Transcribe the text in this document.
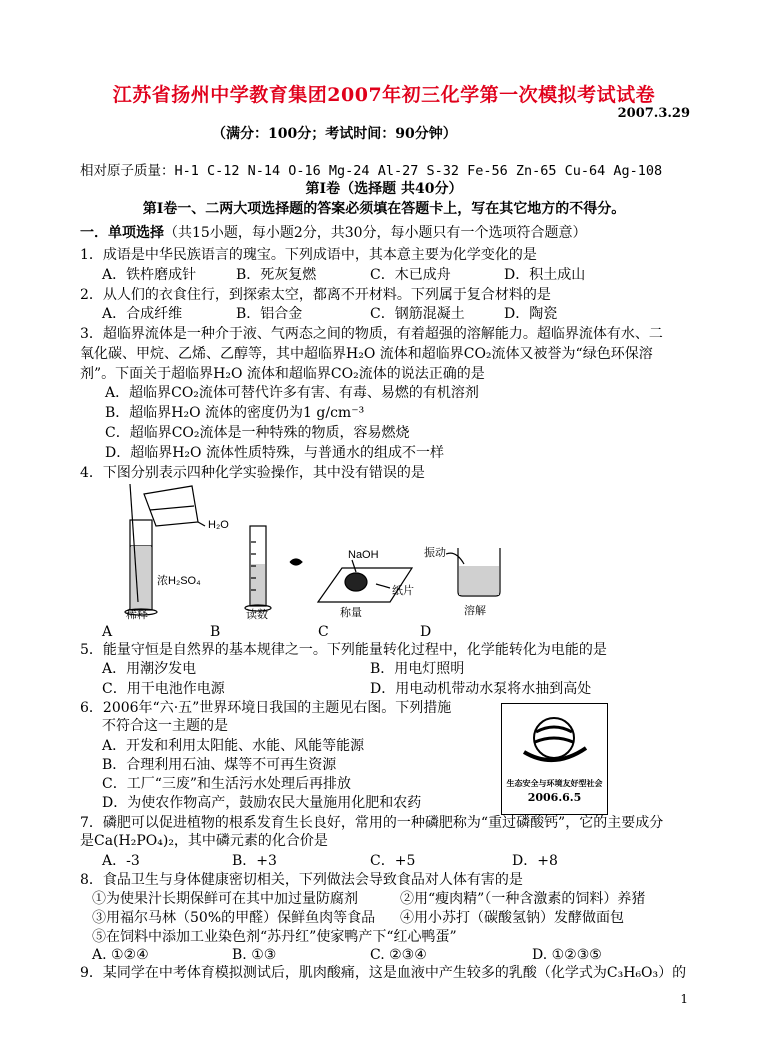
江苏省扬州中学教育集团2007年初三化学第一次模拟考试试卷
2007.3.29
（满分：100分；考试时间：90分钟）
相对原子质量：H-1 C-12 N-14 O-16 Mg-24 Al-27 S-32 Fe-56 Zn-65 Cu-64 Ag-108
第Ⅰ卷（选择题 共40分）
第Ⅰ卷一、二两大项选择题的答案必须填在答题卡上，写在其它地方的不得分。
一．单项选择（共15小题，每小题2分，共30分，每小题只有一个选项符合题意）
1．成语是中华民族语言的瑰宝。下列成语中，其本意主要为化学变化的是
A．铁杵磨成针	B．死灰复燃	C．木已成舟	D．积土成山
2．从人们的衣食住行，到探索太空，都离不开材料。下列属于复合材料的是
A．合成纤维	B．铝合金	C．钢筋混凝土	D．陶瓷
3．超临界流体是一种介于液、气两态之间的物质，有着超强的溶解能力。超临界流体有水、二
氧化碳、甲烷、乙烯、乙醇等，其中超临界H₂O 流体和超临界CO₂流体又被誉为“绿色环保溶
剂”。下面关于超临界H₂O 流体和超临界CO₂流体的说法正确的是
A．超临界CO₂流体可替代许多有害、有毒、易燃的有机溶剂
B．超临界H₂O 流体的密度仍为1 g/cm⁻³
C．超临界CO₂流体是一种特殊的物质，容易燃烧
D．超临界H₂O 流体性质特殊，与普通水的组成不一样
4．下图分别表示四种化学实验操作，其中没有错误的是
H₂O
浓H₂SO₄
稀释	读数
NaOH
纸片
称量
振动
溶解
A	B	C	D
5．能量守恒是自然界的基本规律之一。下列能量转化过程中，化学能转化为电能的是
A．用潮汐发电	B．用电灯照明
C．用干电池作电源	D．用电动机带动水泵将水抽到高处
6．2006年“六·五”世界环境日我国的主题见右图。下列措施
不符合这一主题的是
A．开发和利用太阳能、水能、风能等能源
B．合理利用石油、煤等不可再生资源
C．工厂“三废”和生活污水处理后再排放
D．为使农作物高产，鼓励农民大量施用化肥和农药
生态安全与环境友好型社会
2006.6.5
7．磷肥可以促进植物的根系发育生长良好，常用的一种磷肥称为“重过磷酸钙”，它的主要成分
是Ca(H₂PO₄)₂，其中磷元素的化合价是
A．-3	B．+3	C．+5	D．+8
8．食品卫生与身体健康密切相关，下列做法会导致食品对人体有害的是
①为使果汁长期保鲜可在其中加过量防腐剂	②用“瘦肉精”（一种含激素的饲料）养猪
③用福尔马林（50%的甲醛）保鲜鱼肉等食品 ④用小苏打（碳酸氢钠）发酵做面包
⑤在饲料中添加工业染色剂“苏丹红”使家鸭产下“红心鸭蛋”
A. ①②④	B. ①③	C. ②③④	D. ①②③⑤
9．某同学在中考体育模拟测试后，肌肉酸痛，这是血液中产生较多的乳酸（化学式为C₃H₆O₃）的
1
